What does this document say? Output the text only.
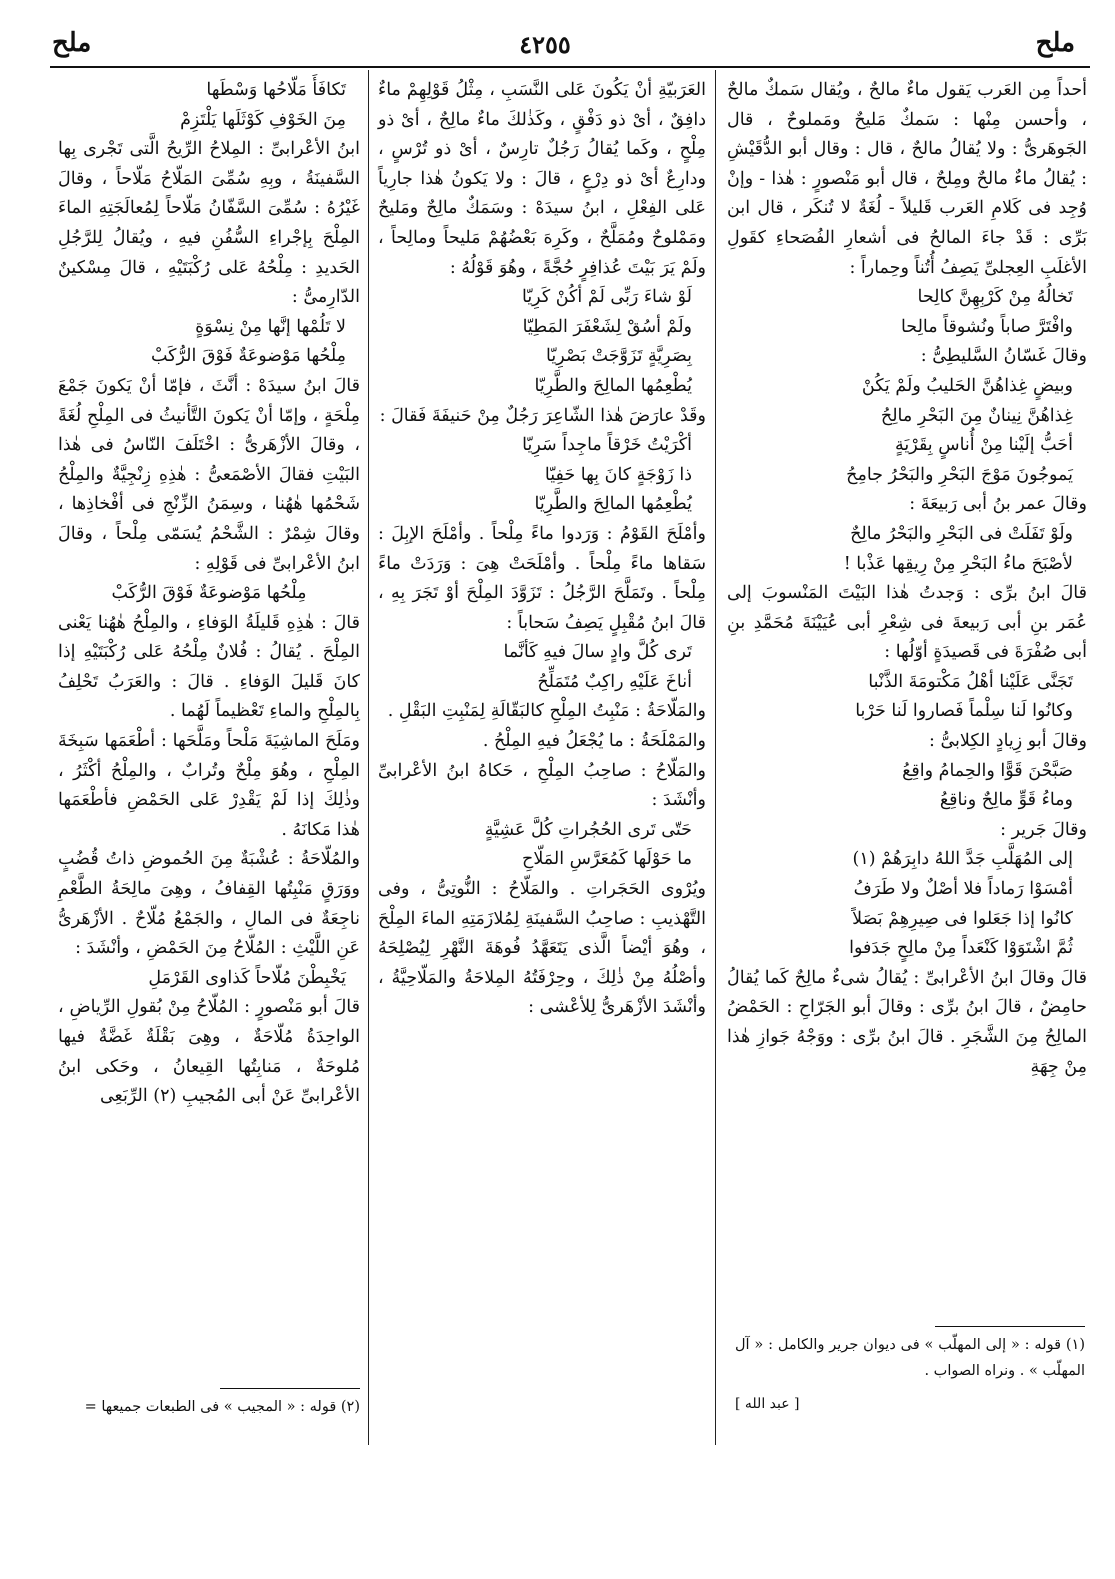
ملح
٤٢٥٥
ملح

أحداً مِن العَرب يَقول ماءٌ مالحٌ ، ويُقال سَمكٌ مالحٌ ، وأحسن مِنْها : سَمكٌ مَليحٌ ومَملوحٌ ، قال الجَوهَرىُّ : ولا يُقالُ مالحٌ ، قال : وقال أبو الدُّقَيْشِ : يُقالُ ماءٌ مالحٌ ومِلحٌ ، قال أبو مَنْصورٍ : هٰذا - وإنْ وُجِد فى كَلامِ العَرب قَليلاً - لُغَةٌ لا تُنكَر ، قال ابن بَرِّى : قَدْ جاءَ المالحُ فى أشعارِ الفُصَحاءِ كقَولِ الأغلَبِ العِجلىِّ يَصِفُ أُتُناً وحِماراً :

تَخالُهُ مِنْ كَرْبِهِنَّ كالِحا
وافْتَرَّ صاباً ونُشوقاً مالِحا

وقالَ غَسّانُ السَّليطِىُّ :

وبيضٍ غِذاهُنَّ الحَليبُ ولَمْ يَكُنْ
غِذاهُنَّ نِينانٌ مِنَ البَحْرِ مالِحُ
أحَبُّ إلَيْنا مِنْ أُناسٍ بِقَرْيَةٍ
يَموجُونَ مَوْجَ البَحْرِ والبَحْرُ جامِحُ

وقالَ عمر بنُ أبى رَبيعَةَ :

ولَوْ تَفَلَتْ فى البَحْرِ والبَحْرُ مالِحٌ
لأصْبَحَ ماءُ البَحْرِ مِنْ رِيقِها عَذْبا !

قالَ ابنُ برِّى : وَجدتُ هٰذا البَيْتَ المَنْسوبَ إلى عُمَر بنِ أبى رَبيعةَ فى شِعْرِ أبى عُيَيْنَةَ مُحَمَّدِ بنِ أبى صُفْرَةَ فى قَصيدَةٍ أوّلُها :

تَجَنَّى عَلَيْنا أهْلُ مَكْتومَةَ الذَّنْبا
وكانُوا لَنا سِلْماً فَصاروا لَنا حَرْبا

وقالَ أبو زِيادٍ الكِلابىُّ :

صَبَّحْنَ قَوًّا والحِمامُ واقِعُ
وماءُ قَوٍّ مالِحٌ وناقِعُ

وقالَ جَرير :

إلى المُهَلَّبِ جَدَّ اللهُ دابِرَهُمْ (١)
أمْسَوْا رَماداً فلا أصْلٌ ولا طَرَفُ
كانُوا إذا جَعَلوا فى صِيرِهِمْ بَصَلاً
ثُمَّ اشْتَوَوْا كَنْعَداً مِنْ مالِحٍ جَدَفوا

قالَ وقالَ ابنُ الأعْرابىِّ : يُقالُ شىءٌ مالِحٌ كَما يُقالُ حامِضٌ ، قالَ ابنُ برِّى : وقالَ أبو الجَرّاحِ : الحَمْضُ المالِحُ مِنَ الشَّجَرِ . قالَ ابنُ برِّى : ووَجْهُ جَوازِ هٰذا مِنْ جِهَةِ

(١) قوله : « إلى المهلّب » فى ديوان جرير والكامل : « آل المهلّب » . ونراه الصواب .
[ عبد الله ]

العَرَبيّةِ أنْ يَكُونَ عَلى النَّسَبِ ، مِثْلُ قَوْلِهِمْ ماءٌ دافِقٌ ، أىْ ذو دَفْقٍ ، وكَذٰلكَ ماءٌ مالِحٌ ، أىْ ذو مِلْحٍ ، وكَما يُقالُ رَجُلٌ تارِسٌ ، أىْ ذو تُرْسٍ ، ودارِعٌ أىْ ذو دِرْعٍ ، قالَ : ولا يَكونُ هٰذا جارِياً عَلى الفِعْلِ ، ابنُ سيدَهْ : وسَمَكٌ مالِحٌ ومَليحٌ ومَمْلوحٌ ومُمَلَّحٌ ، وكَرِهَ بَعْضُهُمْ مَليحاً ومالِحاً ، ولَمْ يَرَ بَيْتَ عُذافِرٍ حُجَّةً ، وهُوَ قَوْلُهُ :

لَوْ شاءَ رَبِّى لَمْ أكُنْ كَرِيّا
ولَمْ أسُقْ لِشَعْفَرَ المَطِيّا
بِصَرِيَّةٍ تَزَوَّجَتْ بَصْرِيّا
يُطْعِمُها المالِحَ والطَّرِيّا

وقَدْ عارَضَ هٰذا الشّاعِرَ رَجُلٌ مِنْ حَنيفَةَ فَقالَ :

أكْرَيْتُ خَرْقاً ماجِداً سَرِيّا
ذا زَوْجَةٍ كانَ بِها حَفِيّا
يُطْعِمُها المالِحَ والطَّرِيّا

وأمْلَحَ القَوْمُ : وَرَدوا ماءً مِلْحاً . وأمْلَحَ الإبِلَ : سَقاها ماءً مِلْحاً . وأمْلَحَتْ هِىَ : وَرَدَتْ ماءً مِلْحاً . وتَمَلَّحَ الرَّجُلُ : تَزَوَّدَ المِلْحَ أوْ تَجَرَ بِهِ ، قالَ ابنُ مُقْبِلٍ يَصِفُ سَحاباً :

تَرى كُلَّ وادٍ سالَ فيهِ كَأنَّما
أناخَ عَلَيْهِ راكِبٌ مُتَمَلِّحُ

والمَلّاحَةُ : مَنْبِتُ المِلْحِ كالبَقّالَةِ لِمَنْبِتِ البَقْلِ .

والمَمْلَحَةُ : ما يُجْعَلُ فيهِ المِلْحُ .

والمَلّاحُ : صاحِبُ المِلْحِ ، حَكاهُ ابنُ الأعْرابىِّ وأنْشَدَ :

حَتّى تَرى الحُجُراتِ كُلَّ عَشِيَّةٍ
ما حَوْلَها كَمُعَرَّسِ المَلّاحِ

ويُرْوى الحَجَراتِ . والمَلّاحُ : النُّوتِىُّ ، وفى التَّهْذيبِ : صاحِبُ السَّفينَةِ لِمُلازَمَتِهِ الماءَ المِلْحَ ، وهُوَ أيْضاً الَّذى يَتَعَهَّدُ فُوهَةَ النَّهْرِ لِيُصْلِحَهُ وأصْلُهُ مِنْ ذٰلِكَ ، وحِرْفَتُهُ المِلاحَةُ والمَلّاحِيَّةُ ، وأنْشَدَ الأزْهَرىُّ لِلأعْشى :

تَكافَأَ مَلّاحُها وَسْطَها
مِنَ الخَوْفِ كَوْثَلَها يَلْتَزِمْ

ابنُ الأعْرابىِّ : المِلاحُ الرِّيحُ الَّتى تَجْرى بِها السَّفينَةُ ، وبِهِ سُمِّىَ المَلّاحُ مَلّاحاً ، وقالَ غَيْرُهُ : سُمِّىَ السَّفّانُ مَلّاحاً لِمُعالَجَتِهِ الماءَ المِلْحَ بِإجْراءِ السُّفُنِ فيهِ ، ويُقالُ لِلرَّجُلِ الحَديدِ : مِلْحُهُ عَلى رُكْبَتَيْهِ ، قالَ مِسْكينٌ الدّارِمىُّ :

لا تَلُمْها إنَّها مِنْ نِسْوَةٍ
مِلْحُها مَوْضوعَةٌ فَوْقَ الرُّكَبْ

قالَ ابنُ سيدَهْ : أنَّثَ ، فإمّا أنْ يَكونَ جَمْعَ مِلْحَةٍ ، وإمّا أنْ يَكونَ التَّأنيثُ فى المِلْحِ لُغَةً ، وقالَ الأزْهَرىُّ : اخْتَلَفَ النّاسُ فى هٰذا البَيْتِ فقالَ الأصْمَعىُّ : هٰذِهِ زِنْجِيَّةٌ والمِلْحُ شَحْمُها هٰهُنا ، وسِمَنُ الزِّنْجِ فى أفْخاذِها ، وقالَ شِمْرٌ : الشَّحْمُ يُسَمّى مِلْحاً ، وقالَ ابنُ الأعْرابىِّ فى قَوْلِهِ :

مِلْحُها مَوْضوعَةٌ فَوْقَ الرُّكَبْ

قالَ : هٰذِهِ قَليلَةُ الوَفاءِ ، والمِلْحُ هٰهُنا يَعْنى المِلْحَ . يُقالُ : فُلانٌ مِلْحُهُ عَلى رُكْبَتَيْهِ إذا كانَ قَليلَ الوَفاءِ . قالَ : والعَرَبُ تَحْلِفُ بِالمِلْحِ والماءِ تَعْظيماً لَهُما .

ومَلَحَ الماشِيَةَ مَلْحاً ومَلَّحَها : أطْعَمَها سَبِخَةَ المِلْحِ ، وهُوَ مِلْحٌ وتُرابٌ ، والمِلْحُ أكْثَرُ ، وذٰلِكَ إذا لَمْ يَقْدِرْ عَلى الحَمْضِ فأطْعَمَها هٰذا مَكانَهُ .

والمُلّاحَةُ : عُشْبَةٌ مِنَ الحُموضِ ذاتُ قُضُبٍ ووَرَقٍ مَنْبِتُها القِفافُ ، وهِىَ مالِحَةُ الطَّعْمِ ناجِعَةٌ فى المالِ ، والجَمْعُ مُلّاحٌ . الأزْهَرىُّ عَنِ اللَّيْثِ : المُلّاحُ مِنَ الحَمْضِ ، وأنْشَدَ :

يَخْبِطْنَ مُلّاحاً كَذاوى القَرْمَلِ

قالَ أبو مَنْصورٍ : المُلّاحُ مِنْ بُقولِ الرِّياضِ ، الواحِدَةُ مُلّاحَةٌ ، وهِىَ بَقْلَةٌ غَضَّةٌ فيها مُلوحَةٌ ، مَنابِتُها القِيعانُ ، وحَكى ابنُ الأعْرابىِّ عَنْ أبى المُجيبِ (٢) الرِّبَعِى

(٢) قوله : « المجيب » فى الطبعات جميعها =
